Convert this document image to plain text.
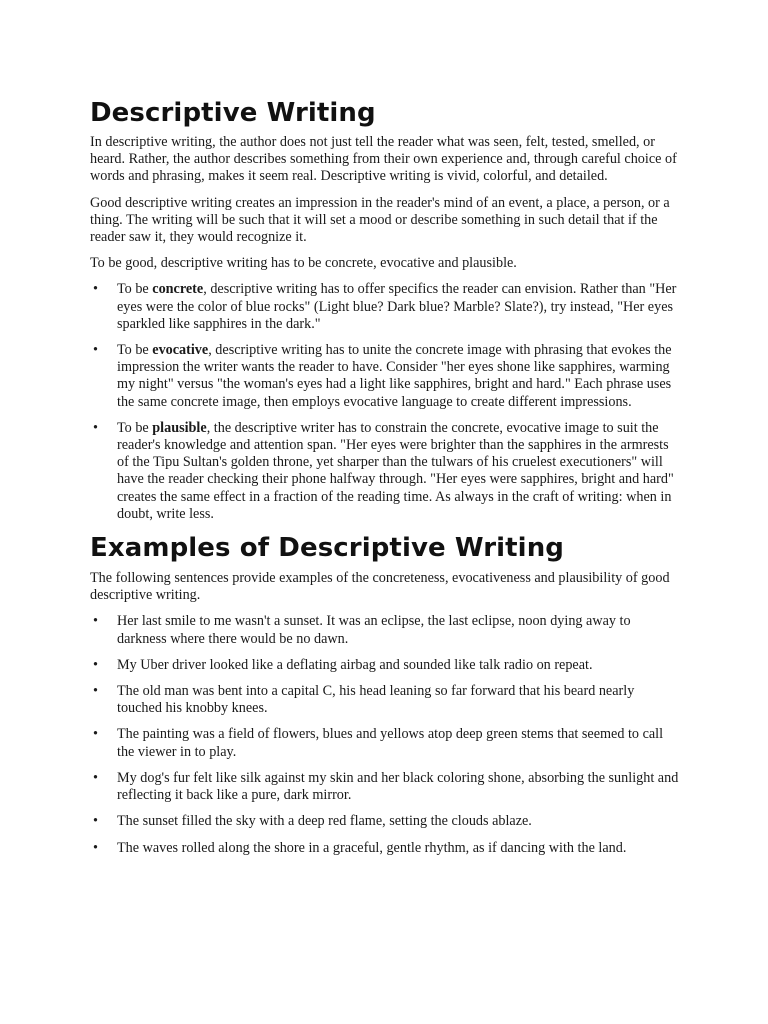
Descriptive Writing

In descriptive writing, the author does not just tell the reader what was seen, felt, tested, smelled, or heard. Rather, the author describes something from their own experience and, through careful choice of words and phrasing, makes it seem real. Descriptive writing is vivid, colorful, and detailed.

Good descriptive writing creates an impression in the reader's mind of an event, a place, a person, or a thing. The writing will be such that it will set a mood or describe something in such detail that if the reader saw it, they would recognize it.

To be good, descriptive writing has to be concrete, evocative and plausible.

• To be concrete, descriptive writing has to offer specifics the reader can envision. Rather than "Her eyes were the color of blue rocks" (Light blue? Dark blue? Marble? Slate?), try instead, "Her eyes sparkled like sapphires in the dark."
• To be evocative, descriptive writing has to unite the concrete image with phrasing that evokes the impression the writer wants the reader to have. Consider "her eyes shone like sapphires, warming my night" versus "the woman's eyes had a light like sapphires, bright and hard." Each phrase uses the same concrete image, then employs evocative language to create different impressions.
• To be plausible, the descriptive writer has to constrain the concrete, evocative image to suit the reader's knowledge and attention span. "Her eyes were brighter than the sapphires in the armrests of the Tipu Sultan's golden throne, yet sharper than the tulwars of his cruelest executioners" will have the reader checking their phone halfway through. "Her eyes were sapphires, bright and hard" creates the same effect in a fraction of the reading time. As always in the craft of writing: when in doubt, write less.
Examples of Descriptive Writing

The following sentences provide examples of the concreteness, evocativeness and plausibility of good descriptive writing.

• Her last smile to me wasn't a sunset. It was an eclipse, the last eclipse, noon dying away to darkness where there would be no dawn.
• My Uber driver looked like a deflating airbag and sounded like talk radio on repeat.
• The old man was bent into a capital C, his head leaning so far forward that his beard nearly touched his knobby knees.
• The painting was a field of flowers, blues and yellows atop deep green stems that seemed to call the viewer in to play.
• My dog's fur felt like silk against my skin and her black coloring shone, absorbing the sunlight and reflecting it back like a pure, dark mirror.
• The sunset filled the sky with a deep red flame, setting the clouds ablaze.
• The waves rolled along the shore in a graceful, gentle rhythm, as if dancing with the land.
